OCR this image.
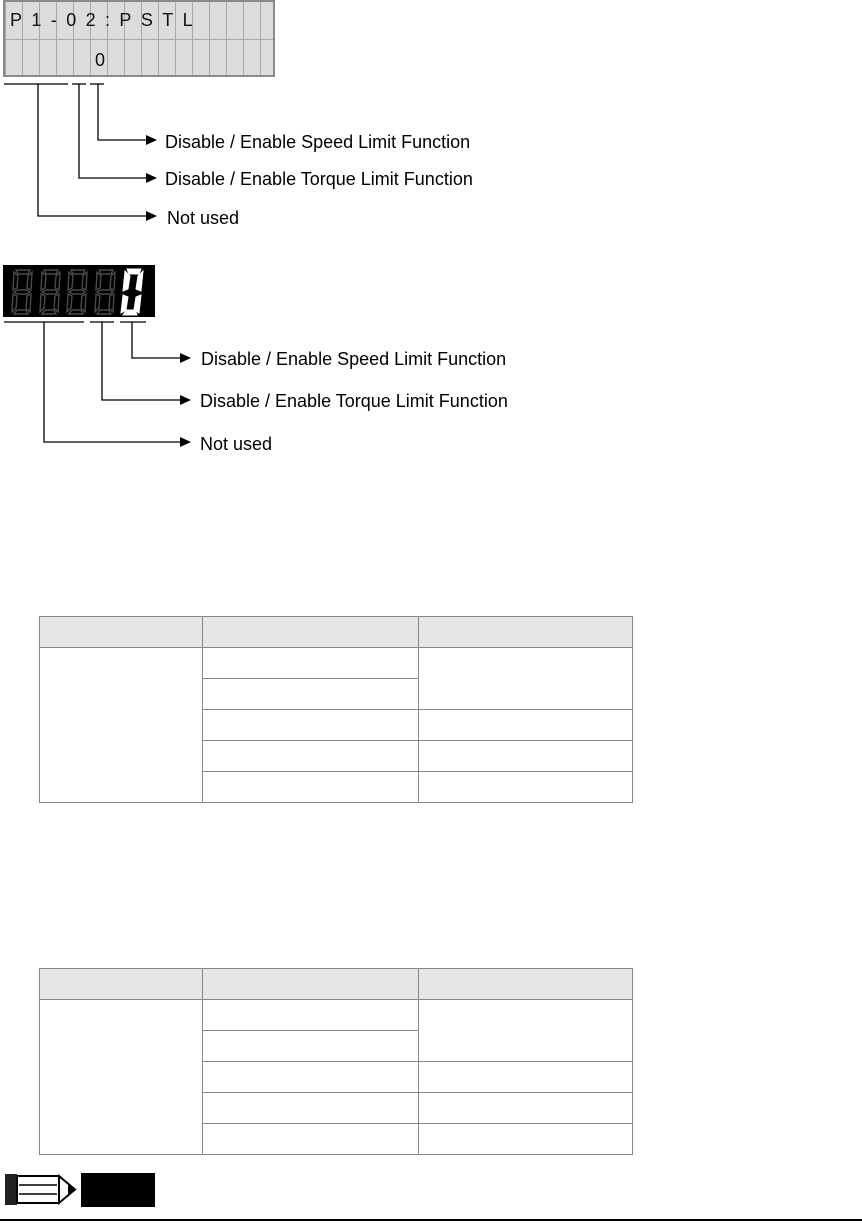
P1-02:PSTL
0
Disable / Enable Speed Limit Function
Disable / Enable Torque Limit Function
Not used
Disable / Enable Speed Limit Function
Disable / Enable Torque Limit Function
Not used
